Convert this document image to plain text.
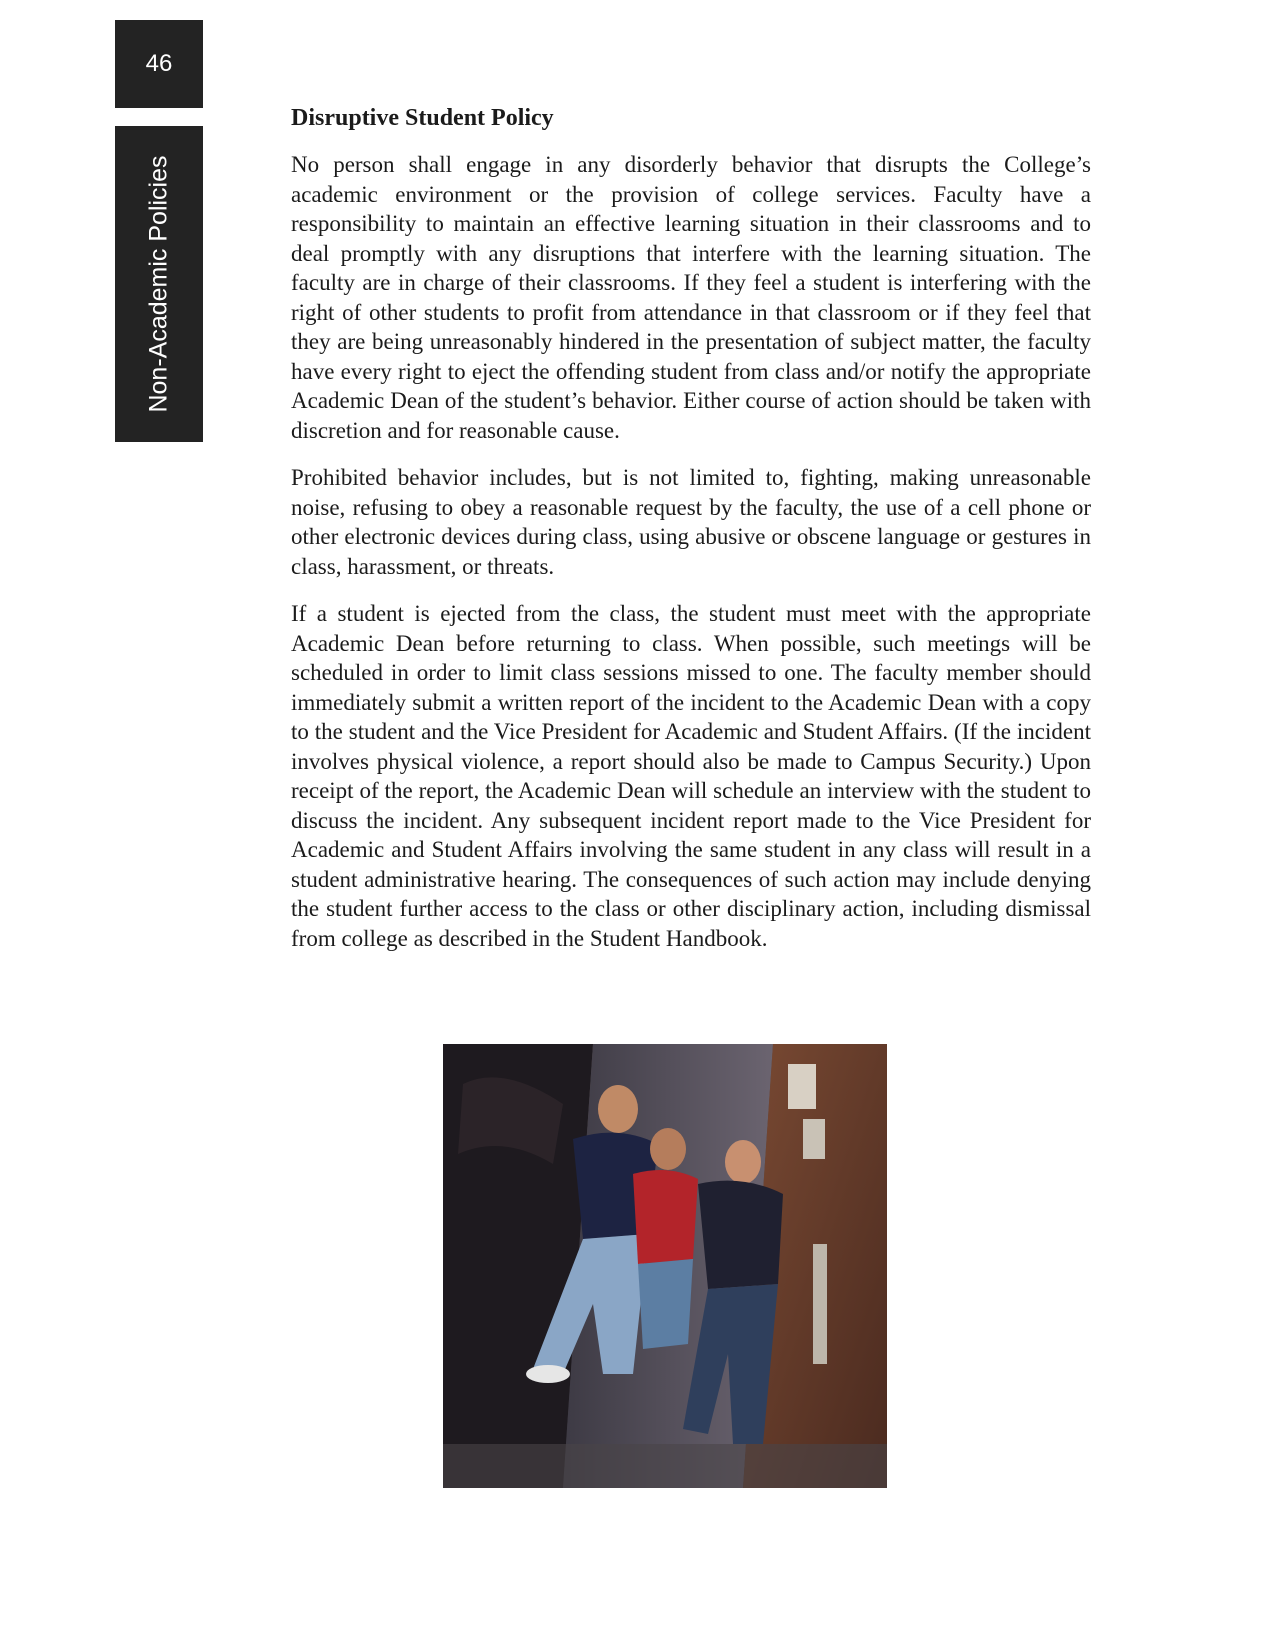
46
Non-Academic Policies
Disruptive Student Policy

No person shall engage in any disorderly behavior that disrupts the College’s academic environment or the provision of college services. Faculty have a responsibility to maintain an effective learning situation in their classrooms and to deal promptly with any disruptions that interfere with the learning situation. The faculty are in charge of their classrooms. If they feel a student is interfering with the right of other students to profit from attendance in that classroom or if they feel that they are being unreasonably hindered in the presentation of subject matter, the faculty have every right to eject the offending student from class and/or notify the appropriate Academic Dean of the student’s behavior. Either course of action should be taken with discretion and for reasonable cause.

Prohibited behavior includes, but is not limited to, fighting, making unreasonable noise, refusing to obey a reasonable request by the faculty, the use of a cell phone or other electronic devices during class, using abusive or obscene language or gestures in class, harassment, or threats.

If a student is ejected from the class, the student must meet with the appropriate Academic Dean before returning to class. When possible, such meetings will be scheduled in order to limit class sessions missed to one. The faculty member should immediately submit a written report of the incident to the Academic Dean with a copy to the student and the Vice President for Academic and Student Affairs. (If the incident involves physical violence, a report should also be made to Campus Security.) Upon receipt of the report, the Academic Dean will schedule an interview with the student to discuss the incident. Any subsequent incident report made to the Vice President for Academic and Student Affairs involving the same student in any class will result in a student administrative hearing. The consequences of such action may include denying the student further access to the class or other disciplinary action, including dismissal from college as described in the Student Handbook.
